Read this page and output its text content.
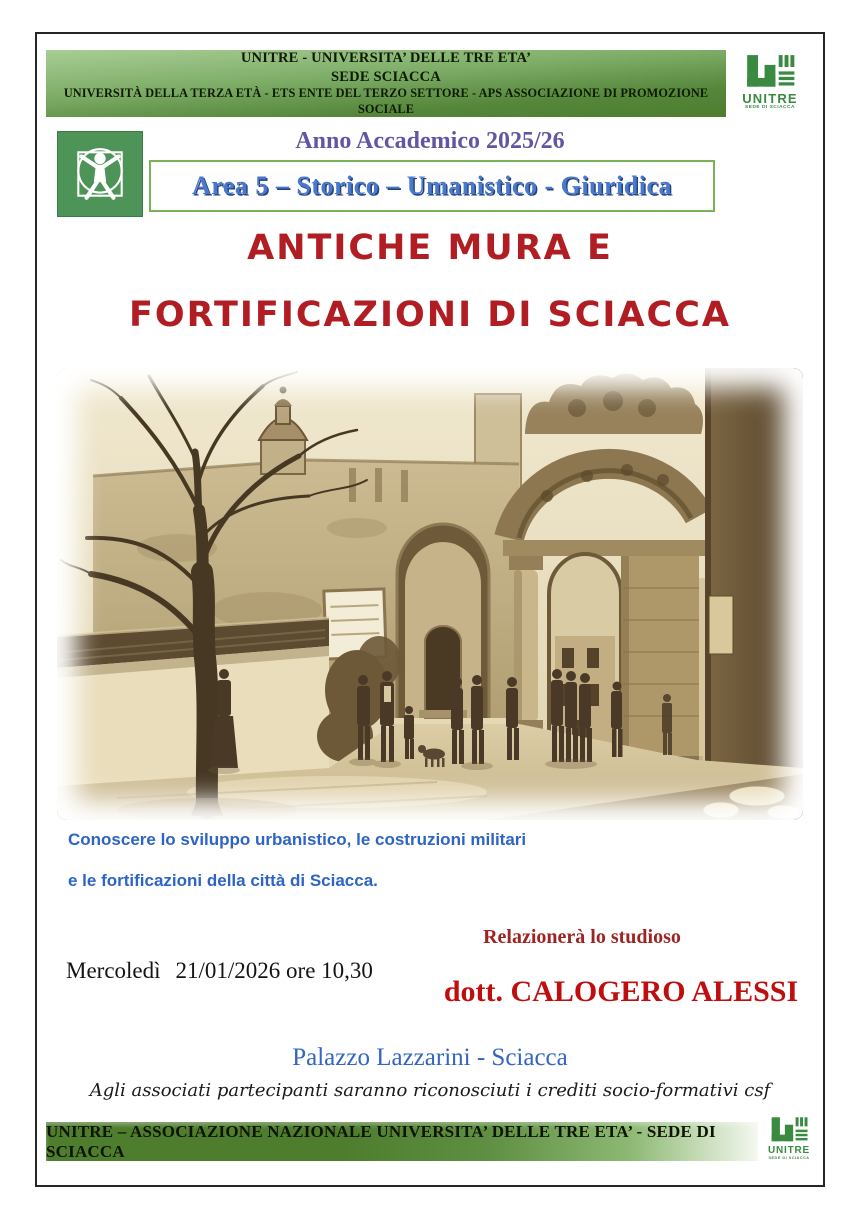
UNITRE - UNIVERSITA’ DELLE TRE ETA’
SEDE SCIACCA
UNIVERSITÀ DELLA TERZA ETÀ - ETS ENTE DEL TERZO SETTORE - APS ASSOCIAZIONE DI PROMOZIONE SOCIALE
UNITRE
SEDE DI SCIACCA
Anno Accademico 2025/26
Area 5 – Storico – Umanistico - Giuridica
ANTICHE MURA E
FORTIFICAZIONI DI SCIACCA
Conoscere lo sviluppo urbanistico, le costruzioni militari
e le fortificazioni della città di Sciacca.
Relazionerà lo studioso
Mercoledì 21/01/2026 ore 10,30
dott. CALOGERO ALESSI
Palazzo Lazzarini - Sciacca
Agli associati partecipanti saranno riconosciuti i crediti socio-formativi csf
UNITRE – ASSOCIAZIONE NAZIONALE UNIVERSITA’ DELLE TRE ETA’ - SEDE DI SCIACCA	UNITRE
SEDE DI SCIACCA
